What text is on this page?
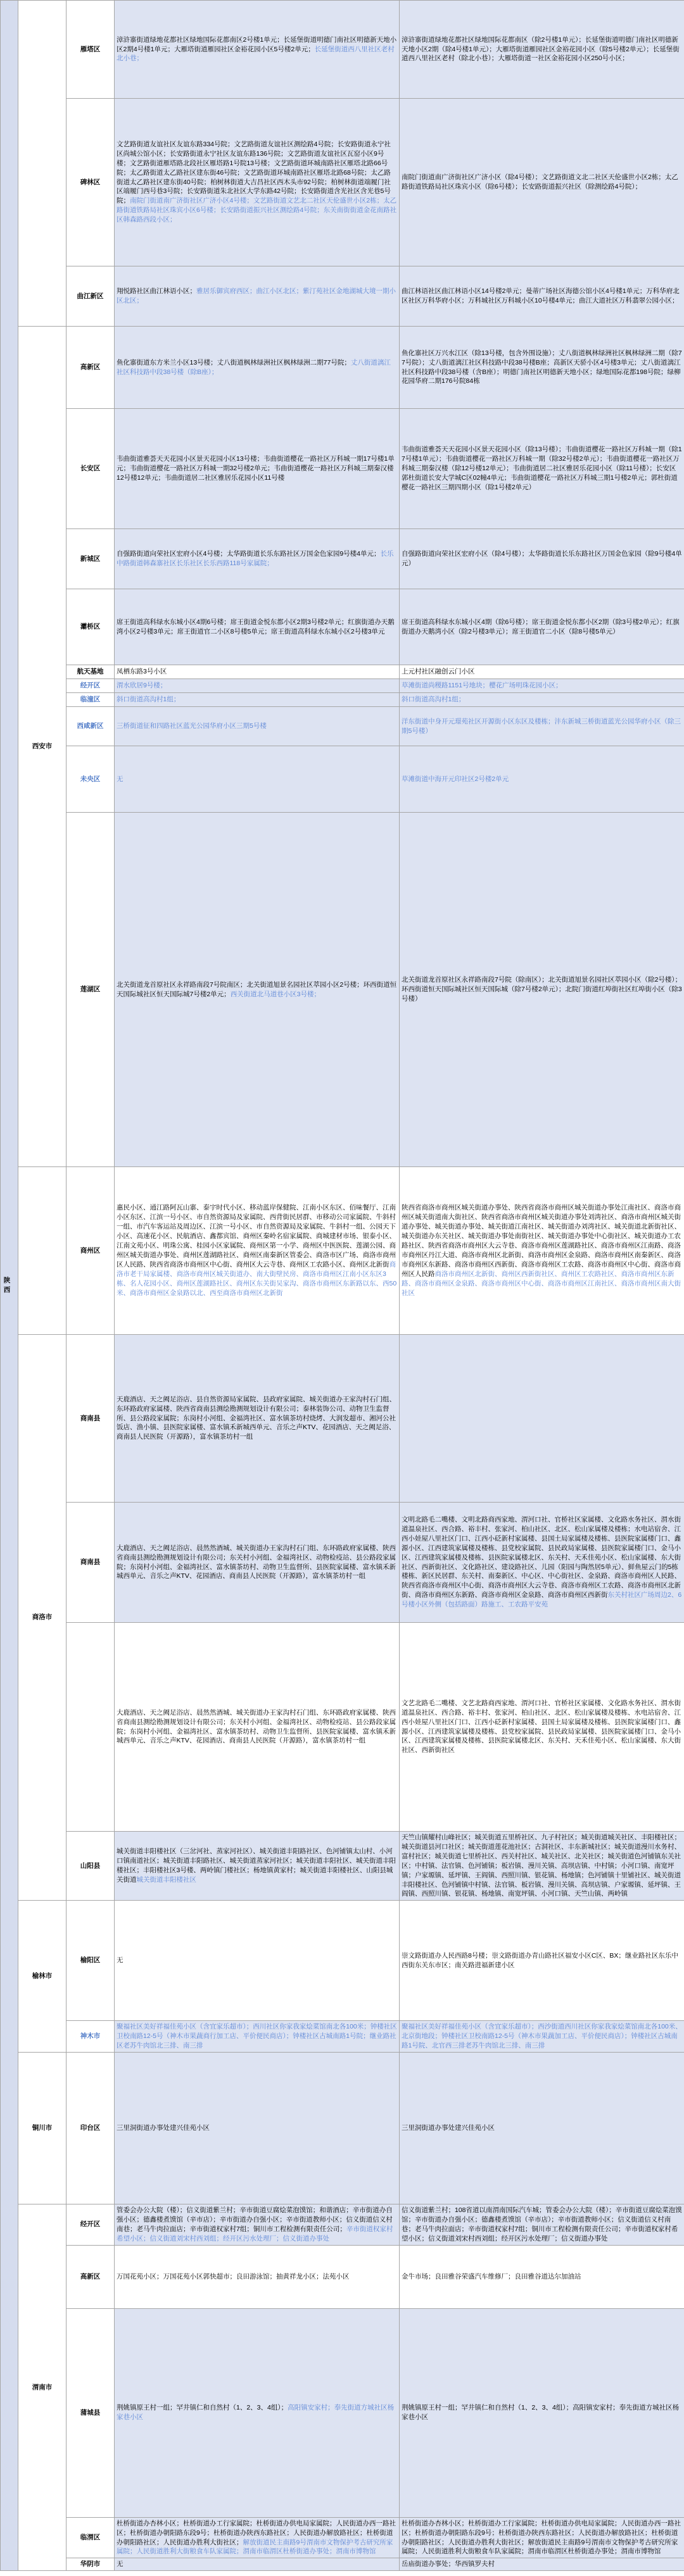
陕
西		雁塔区	漳浒寨街道绿地花都社区绿地国际花都南区2号楼1单元；长延堡街道明德门南社区明德新天地小区2期4号楼1单元；大雁塔街道雁园社区金裕花园小区5号楼2单元；长延堡街道西八里社区老村北小巷；	漳浒寨街道绿地花都社区绿地国际花都南区（除2号楼1单元）；长延堡街道明德门南社区明德新天地小区2期（除4号楼1单元）；大雁塔街道雁园社区金裕花园小区（除5号楼2单元）；长延堡街道西八里社区老村（除北小巷）；大雁塔街道一社区金裕花园小区250号小区；
		碑林区	文艺路街道友谊社区友谊东路334号院；文艺路街道友谊社区测绘路4号院；长安路街道永宁社区尚城公馆小区；长安路街道永宁社区友谊东路136号院；文艺路街道友谊社区瓦窑小区9号楼；文艺路街道雁塔路北段社区雁塔路1号院13号楼；文艺路街道环城南路社区雁塔北路66号院；太乙路街道太乙路社区建东街46号院；文艺路街道环城南路社区雁塔北路68号院；太乙路街道太乙路社区建东街40号院；柏树林街道大吉昌社区西木头市92号院；柏树林街道端履门社区端履门西号巷3号院；长安路街道朱北社区大学东路42号院；长安路街道含光社区含光巷5号院；南院门街道南广济街社区广济小区4号楼；文艺路街道文艺北二社区天伦盛世小区2栋；太乙路街道铁路局社区珠宾小区6号楼；长安路街道振兴社区测绘路4号院；东关南街街道金花南路社区韩森路西段小区；	南院门街道南广济街社区广济小区（除4号楼）；文艺路街道文北二社区天伦盛世小区2栋；太乙路街道铁路局社区珠宾小区（除6号楼）；长安路街道振兴社区（除测绘路4号院）；
		曲江新区	翔悦路社区曲江林语小区；雅居乐御宾府西区；曲江小区北区；紫汀苑社区金地湖城大境一期小区北区；	曲江林语社区曲江林语小区14号楼2单元；曼蒂广场社区海德公馆小区4号楼1单元；万科华府北区社区万科华府小区；万科城社区万科城小区10号楼4单元；曲江大道社区万科翡翠公园小区；
	西安市	高新区	鱼化寨街道东方米兰小区13号楼；丈八街道枫林绿洲社区枫林绿洲二期77号院；丈八街道漓江社区科技路中段38号楼（除B座）；	鱼化寨社区万兴水江区（除13号楼，包含外围设施）；丈八街道枫林绿洲社区枫林绿洲二期（除77号院）；丈八街道漓江社区科技路中段38号楼B座；高新区天骄小区4号楼3单元；丈八街道漓江社区科技路中段38号楼（含B座）；明德门南社区明德新天地小区；绿地国际花都198号院；绿柳花园华府二期176号院84栋
		长安区	韦曲街道雅荟天天花园小区景天花园小区13号楼；韦曲街道樱花一路社区万科城一期17号楼1单元；韦曲街道樱花一路社区万科城一期32号楼2单元；韦曲街道樱花一路社区万科城三期秦汉楼12号楼12单元；韦曲街道居二社区雅居乐花园小区11号楼	韦曲街道雅荟天天花园小区景天花园小区（除13号楼）；韦曲街道樱花一路社区万科城一期（除17号楼1单元）；韦曲街道樱花一路社区万科城一期（除32号楼2单元）；韦曲街道樱花一路社区万科城三期秦汉楼（除12号楼12单元）；韦曲街道居二社区雅居乐花园小区（除11号楼）；长安区郭杜街道长安大学城C区02幢4单元；韦曲街道樱花一路社区万科城三期1号楼2单元；郭杜街道樱花一路社区三期四期小区（除1号楼2单元）
		新城区	自强路街道向荣社区宏府小区4号楼；太华路街道长乐东路社区万国金色家园9号楼4单元；长乐中路街道韩森寨社区长乐社区长乐西路118号家属院；	自强路街道向荣社区宏府小区（除4号楼）；太华路街道长乐东路社区万国金色家园（除9号楼4单元）
		灞桥区	席王街道高科绿水东城小区4期6号楼；席王街道金悦东都小区2期3号楼2单元；红旗街道办天鹅湾小区2号楼3单元；席王街道官二小区8号楼5单元；席王街道高科绿水东城小区2号楼3单元	席王街道高科绿水东城小区4期（除6号楼）；席王街道金悦东都小区2期（除3号楼2单元）；红旗街道办天鹅湾小区（除2号楼3单元）；席王街道官二小区（除8号楼5单元）
		航天基地	凤栖东路3号小区	上元村社区融创云门小区
		经开区	渭水欣居9号楼；	草滩街道尚稷路1151号地块；樱花广场明珠花园小区；
		临潼区	斜口街道高沟村1组；	斜口街道高沟村1组；
		西咸新区	三桥街道征和四路社区蓝光公园华府小区三期5号楼	洋东街道中身开元璟苑社区开源街小区东区及楼栋；沣东新城三桥街道蓝光公园华府小区（除三期5号楼）
		未央区	无	草滩街道中海开元印社区2号楼2单元
		莲湖区	北关街道龙首原社区永祥路南段7号院南区；北关街道旭景名园社区萃园小区2号楼；环西街道恒天国际城社区恒天国际城7号楼2单元；西关街道北马道巷小区3号楼；	北关街道龙首原社区永祥路南段7号院（除南区）；北关街道旭景名园社区萃园小区（除2号楼）；环西街道恒天国际城社区恒天国际城（除7号楼2单元）；北院门街道红埠街社区红埠街小区（除3号楼）
	商州区	惠民小区、通江路阿瓦山寨、泰宇时代小区、移动蓝岸保健院、江南小区东区、佰味餐厅、江南小区东区、江滨一号小区、市自然资源局及家属院、西背街民居群、市移动公司家属院、牛斜村一组、市汽车客运站及周边区、江滨一号小区、市自然资源局及家属院、牛斜村一组、公园天下小区、高速花小区、民航酒店、鑫都宾馆、商州区秦岭名宿家属院、商城建材市场、银泰小区、江南文苑小区、明珠公寓、桂园小区家属院、商州区第一小学、商州区中医医院、莲湖公园、商州区城关街道办事处、商州区莲湖路社区、商州区南秦新区管委会、商洛市区广场、商洛市商州区人民路、陕西省商洛市商州区中心街、商州区大云寺巷、商州区工农路小区、商州区北新街商洛市老干局家属楼、商洛市商州区城关街道办、南大街壁民房、商洛市商州区江南小区东区3栋、名人花园小区、商州区莲湖路社区、商州区东关街吴家沟、商洛市商州区东新路以东、西50米、商洛市商州区金泉路以北、西至商洛市商州区北新街	陕西省商洛市商州区城关街道办事处、陕西省商洛市商州区城关街道办事处江南社区、商洛市商州区城关街道南大街社区、陕西省商洛市商州区城关街道办事处刘湾社区、商洛市商州区城关街道办事处、城关街道办事处、城关街道江南社区、城关街道办刘湾社区、城关街道北新街社区、城关街道办东关社区、城关街道办事处南街社区、城关街道办事处中心街社区、城关街道办工农路社区、陕西省商洛市商州区大云寺巷、商洛市商州区莲湖路社区、商洛市商州区江南路、商洛市商州区丹江大道、商洛市商州区北新街、商洛市商州区金泉路、商洛市商州区南秦新区、商洛市商州区东新路、商洛市商州区西新街、商洛市商州区工农路、商洛市商州区中心街、商洛市商州区人民路商洛市商州区北新街、商州区西新街社区、商州区工农路社区、商洛市商州区东新路、商洛市商州区金泉路、商洛市商州区中心街、商洛市商州区江南社区、商洛市商州区南大街社区
	商洛市	商南县	天鹿酒店、天之阙足浴店、县自然资源局家属院、县政府家属院、城关街道办王家沟村石门组、东环路政府家属楼、陕西省商南县测绘勘测规划设计有限公司；泰林装饰公司、动物卫生监督所、县公路段家属院；东岗村小河组、金福湾社区、富水镇茶坊村烧烤、大润发超市、湘河公社饭店、渔小镇、县医院家属楼、富水镇禾新城西单元、音乐之声KTV、花园酒店、天之阙足浴、商南县人民医院（开源路），富水镇茶坊村一组	
		商南县	大鹿酒店、天之阙足浴店、晨然然酒城、城关街道办王家沟村石门组、东环路政府家属楼、陕西省商南县测绘勘测规划设计有限公司；东关村小河组、金福湾社区、动物检疫站、县公路段家属院；东岗村小河组、金福湾社区、富水镇茶坊村、动物卫生监督所、县医院家属楼、富水镇禾新城西单元、音乐之声KTV、花园酒店、商南县人民医院（开源路），富水镇茶坊村一组	文明北路毛二嘴楼、文明北路商西家地、渭河口社、官桥社区家属楼、文化路水务社区、渭水街道温泉社区、西合路、裕丰村、张家河、柏山社区、北区、松山家属楼及楼栋；水电站宿舍、江西小娃屋八里社区门口、江西小砭新村家属楼、县国土局家属楼及楼栋、县医院家属楼门口、鑫源小区、江西建筑家属楼及楼栋、县党校家属院、县民政局家属楼、县医院家属楼门口、金马小区、江西建筑家属楼及楼栋、县医院家属楼北区、东关村、天禾佳苑小区、松山家属楼、东大街社区、西新街社区、文化路社区、建设路社区、儿园（阳园与陶然居5单元）、鲜鱼屋云门的5栋楼栋、新区民居群、东关村、南秦新区、中心区、中心街社区、金泉路、商洛市商州区人民路、陕西省商洛市商州区中心街、商洛市商州区大云寺巷、商洛市商州区工农路、商洛市商州区北新街、商洛市商州区东新路、商洛市商州区金泉路、商洛市商州区西新街东关村社区广场周边2、6号楼小区外侧（包括路面）路施工、工农路平安苑
			大鹿酒店、天之阙足浴店、晨然然酒城、城关街道办王家沟村石门组、东环路政府家属楼、陕西省商南县测绘勘测规划设计有限公司；东关村小河组、金福湾社区、动物检疫站、县公路段家属院；东岗村小河组、金福湾社区、富水镇茶坊村、动物卫生监督所、县医院家属楼、富水镇禾新城西单元、音乐之声KTV、花园酒店、商南县人民医院（开源路），富水镇茶坊村一组	文艺北路毛二嘴楼、文艺北路商西家地、渭河口社、官桥社区家属楼、文化路水务社区、渭水街道温泉社区、西合路、裕丰村、张家河、柏山社区、北区、松山家属楼及楼栋、水电站宿舍、江西小娃屋八里社区门口、江西小砭新村家属楼、县国土局家属楼及楼栋、县医院家属楼门口、鑫源小区、江西建筑家属楼及楼栋、县党校家属院、县民政局家属楼、县医院家属楼门口、金马小区、江西建筑家属楼及楼栋、县医院家属楼北区、东关村、天禾佳苑小区、松山家属楼、东大街社区、西新街社区
		山阳县	城关街道丰阳楼社区（三岔河社、蒸家河社区）、城关街道丰阳路社区、色河铺镇太山村、小河口镇南道社区；城关街道丰阳路社区、城关街道蒸家河社区；城关街道丰阳社区、城关街道丰阳楼社区；丰阳楼社区3号楼、两岭镇门楼社区；杨地镇黄家村；城关街道丰阳楼社区、山阳县城关街道城关街道丰阳楼社区	天竺山镇耀村山峰社区；城关街道五里桥社区、九子村社区；城关街道城关社区、丰阳楼社区；城关街道县河口社区；城关街道莲花池社区；古洞社区、丰东新城社区；城关街道漫川水务村、富村社区；城关街道七里桥社区、西关村社区、城关社区、北关社区；城关街道色河铺镇东关社区；中村镇、法官镇、色河铺镇；板岩镇、漫川关镇、高坝店镇、中村镇；小河口镇、南宽坪镇；户家塬镇、延坪镇、王阎镇、西照川镇、银花镇、杨地镇；色河铺镇十里铺社区、城关街道丰阳楼社区、色河铺镇中村镇、法官镇、板岩镇、漫川关镇、高坝店镇、户家塬镇、延坪镇、王阎镇、西照川镇、银花镇、杨地镇、南宽坪镇、小河口镇、天竺山镇、两岭镇
	榆林市	榆阳区	无	崇文路街道办人民西路8号楼；崇文路街道办青山路社区福安小区C区、BX；继业路社区东乐中西街东关东市区；南关路进福新建小区
		神木市	聚福社区美好祥福佳苑小区（含宜家乐超市）；西川社区你家我家烩菜馆南北各100米；钟楼社区卫校南路12-5号（神木市果蔬商行加工店、平价便民商店）；钟楼社区古城南路1号院；继业路社区老苏牛肉馆北三排、南三排	聚福社区美好祥福佳苑小区（含宜家乐超市）；西沙街道西川社区你家我家烩菜馆南北各100米、北京街地段；钟楼社区卫校南路12-5号（神木市果蔬加工店、平价便民商店）；钟楼社区古城南路1号院、北官西三排老苏牛肉馆北三排、南三排
	铜川市	印台区	三里洞街道办事处建兴佳苑小区	三里洞街道办事处建兴佳苑小区
	渭南市	经开区	管委会办公大院（楼）；信义街道紫兰村；辛市街道豆腐烩菜泡馍馆；和谐酒店；辛市街道办自强小区；德鑫楼煮馍馆（辛市店）；辛市街道办自强小区；辛市街道教师小区；信义街道信义村南巷；老马牛肉拉面店；辛市街道权家村7组；铜川市工程检测有限责任公司；辛市街道权家村希望小区；信义街道刘宋村西刘组；经开区污水处理厂；信义街道办事处	信义街道紫兰村；108省道以南渭南国际汽车城；管委会办公大院（楼）；辛市街道豆腐烩菜泡馍馆；辛市街道办自强小区；德鑫楼煮馍馆（辛市店）；辛市街道教师小区；信义街道信义村南巷；老马牛肉拉面店；辛市街道权家村7组；铜川市工程检测有限责任公司；辛市街道权家村希望小区；信义街道刘宋村西刘组；经开区污水处理厂；信义街道办事处
		高新区	万国花苑小区；万国花苑小区郭快超市；良田游泳馆；抽黄祥龙小区；法苑小区	金牛市场；良田雅谷荣盛汽车维修厂；良田雅谷道达尔加油站
		蒲城县	荆姚镇原王村一组；罕井镇仁和自然村（1、2、3、4组）；高阳镇安家村；奉先街道方城社区杨家巷小区	荆姚镇原王村一组；罕井镇仁和自然村（1、2、3、4组）；高阳镇安家村；奉先街道方城社区杨家巷小区
		临渭区	杜桥街道办杏林小区；杜桥街道办工行家属院；杜桥街道办供电局家属院；人民街道办西一路社区；杜桥街道办朝阳路东段9号；杜桥街道办陕西东路社区；人民街道办解放路社区；杜桥街道办朝阳路社区；人民街道办胜利大街社区；解放街道民主南路9号渭南市文物保护考古研究所家属院；人民街道胜利大街粮食车队家属院；渭南市临渭区杜桥街道办事处；渭南市博物馆	杜桥街道办杏林小区；杜桥街道办工行家属院；杜桥街道办供电局家属院；人民街道办西一路社区；杜桥街道办朝阳路东段9号；杜桥街道办陕西东路社区；人民街道办解放路社区；杜桥街道办朝阳路社区；人民街道办胜利大街社区；解放街道民主南路9号渭南市文物保护考古研究所家属院；人民街道胜利大街粮食车队家属院；渭南市临渭区杜桥街道办事处；渭南市博物馆
		华阴市	无	岳庙街道办事处；华西镇罗夫村
